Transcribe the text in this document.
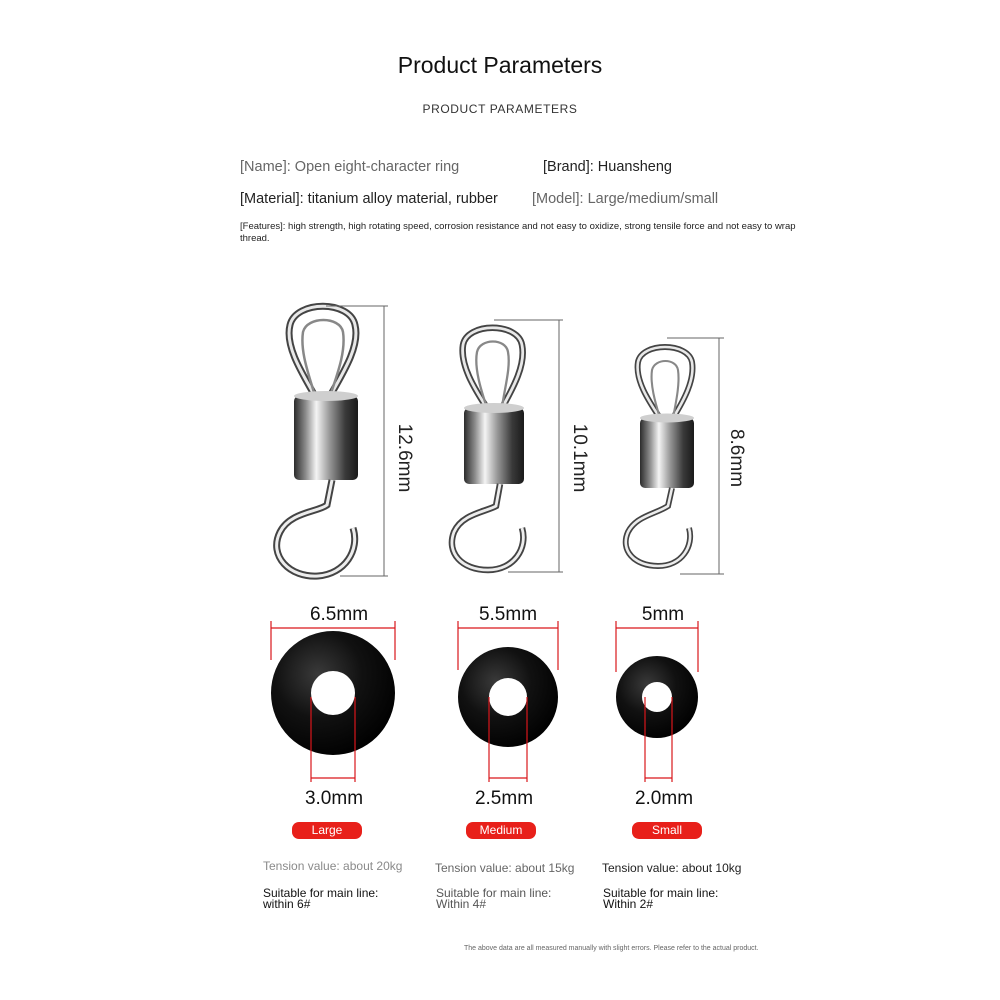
Product Parameters
PRODUCT PARAMETERS
[Name]: Open eight-character ring	[Brand]: Huansheng
[Material]: titanium alloy material, rubber [Model]: Large/medium/small
[Features]: high strength, high rotating speed, corrosion resistance and not easy to oxidize, strong tensile force and not easy to wrap thread.
12.6mm	10.1mm	8.6mm
6.5mm	5.5mm	5mm
3.0mm	2.5mm	2.0mm
Large	Medium	Small
Tension value: about 20kg	Tension value: about 15kg Tension value: about 10kg
Suitable for main line:
within 6#
Suitable for main line:
Within 4#
Suitable for main line:
Within 2#
The above data are all measured manually with slight errors. Please refer to the actual product.
